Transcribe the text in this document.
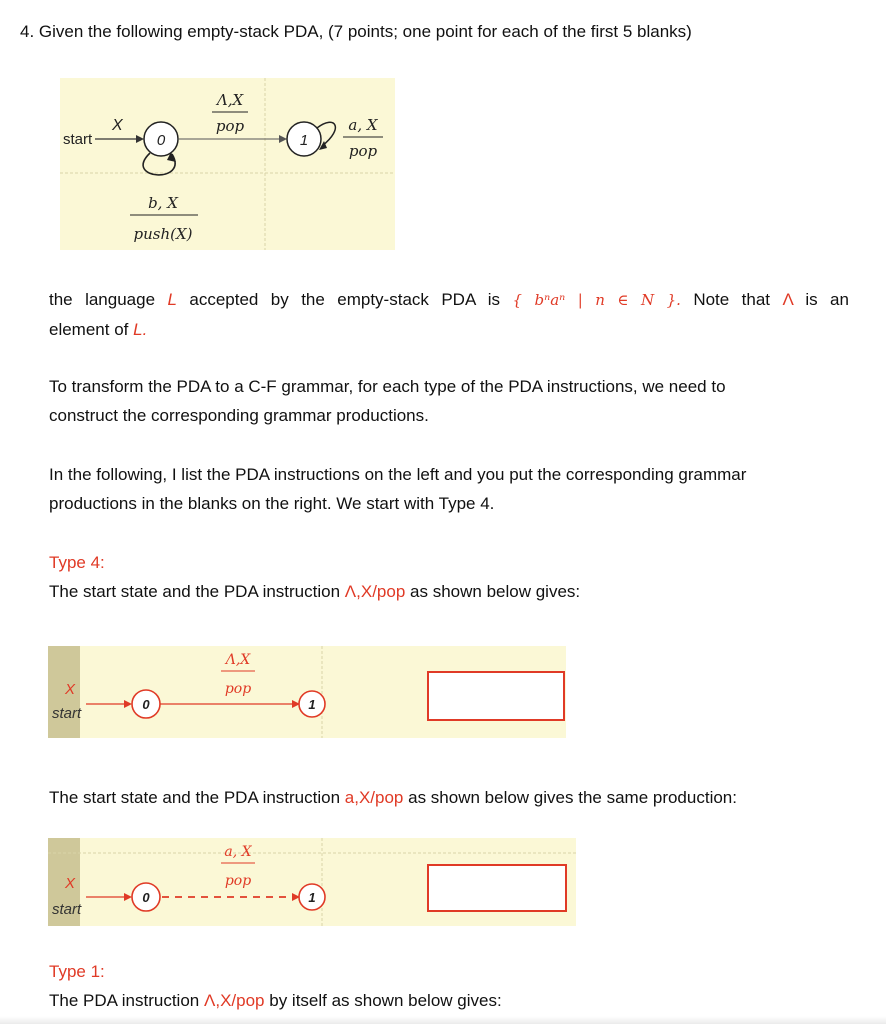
4. Given the following empty-stack PDA, (7 points; one point for each of the first 5 blanks)
start
X
0
Λ,X
pop
1
a, X
pop
b, X
push(X)
the language L accepted by the empty-stack PDA is { bⁿaⁿ | n ∈ N }. Note that Λ is an
element of L.
To transform the PDA to a C-F grammar, for each type of the PDA instructions, we need to
construct the corresponding grammar productions.
In the following, I list the PDA instructions on the left and you put the corresponding grammar
productions in the blanks on the right. We start with Type 4.
Type 4:
The start state and the PDA instruction Λ,X/pop as shown below gives:
X
start
0
Λ,X
pop
1
The start state and the PDA instruction a,X/pop as shown below gives the same production:
X
start
0
a, X
pop
1
Type 1:
The PDA instruction Λ,X/pop by itself as shown below gives:
